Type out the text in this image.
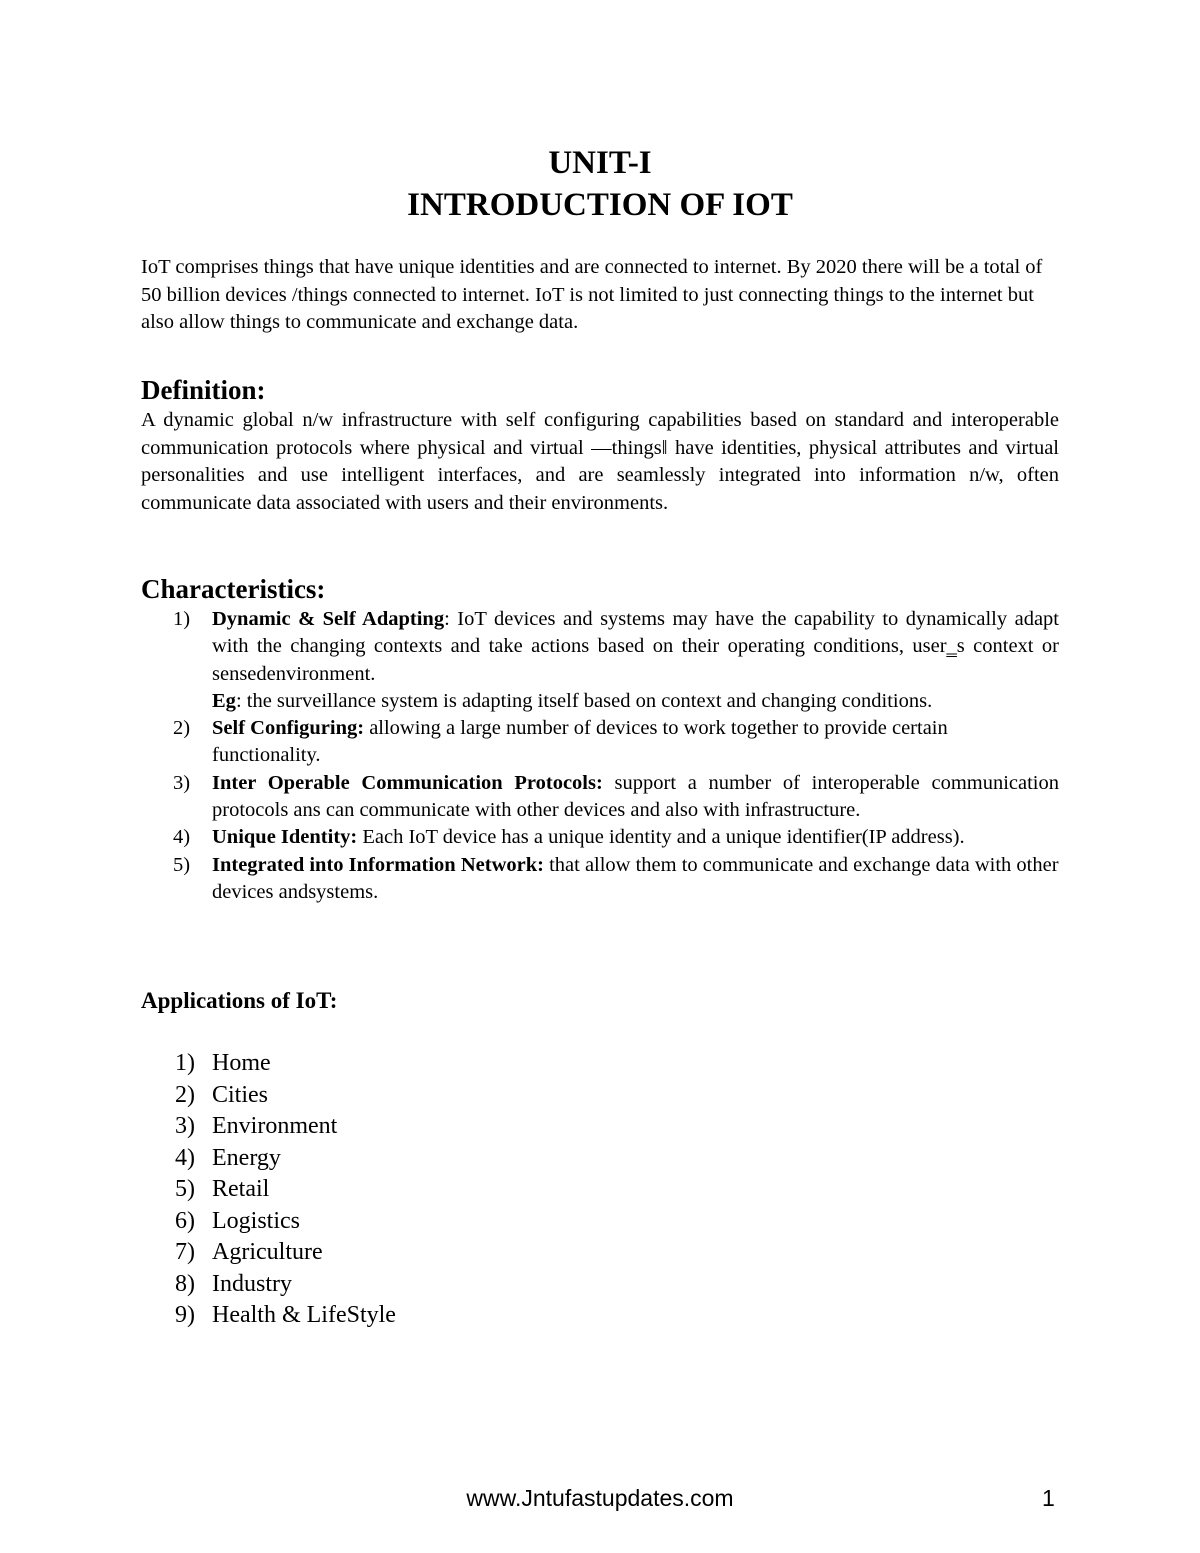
UNIT-I
INTRODUCTION OF IOT

IoT comprises things that have unique identities and are connected to internet. By 2020 there will be a total of 50 billion devices /things connected to internet. IoT is not limited to just connecting things to the internet but also allow things to communicate and exchange data.

Definition:

A dynamic global n/w infrastructure with self configuring capabilities based on standard and interoperable communication protocols where physical and virtual ―things‖ have identities, physical attributes and virtual personalities and use intelligent interfaces, and are seamlessly integrated into information n/w, often communicate data associated with users and their environments.

Characteristics:
1) Dynamic & Self Adapting: IoT devices and systems may have the capability to dynamically adapt with the changing contexts and take actions based on their operating conditions, user‗s context or sensedenvironment.
Eg: the surveillance system is adapting itself based on context and changing conditions.
2) Self Configuring: allowing a large number of devices to work together to provide certain functionality.
3) Inter Operable Communication Protocols: support a number of interoperable communication protocols ans can communicate with other devices and also with infrastructure.
4) Unique Identity: Each IoT device has a unique identity and a unique identifier(IP address).
5) Integrated into Information Network: that allow them to communicate and exchange data with other devices andsystems.
Applications of IoT:
1) Home
2) Cities
3) Environment
4) Energy
5) Retail
6) Logistics
7) Agriculture
8) Industry
9) Health & LifeStyle
www.Jntufastupdates.com	1
